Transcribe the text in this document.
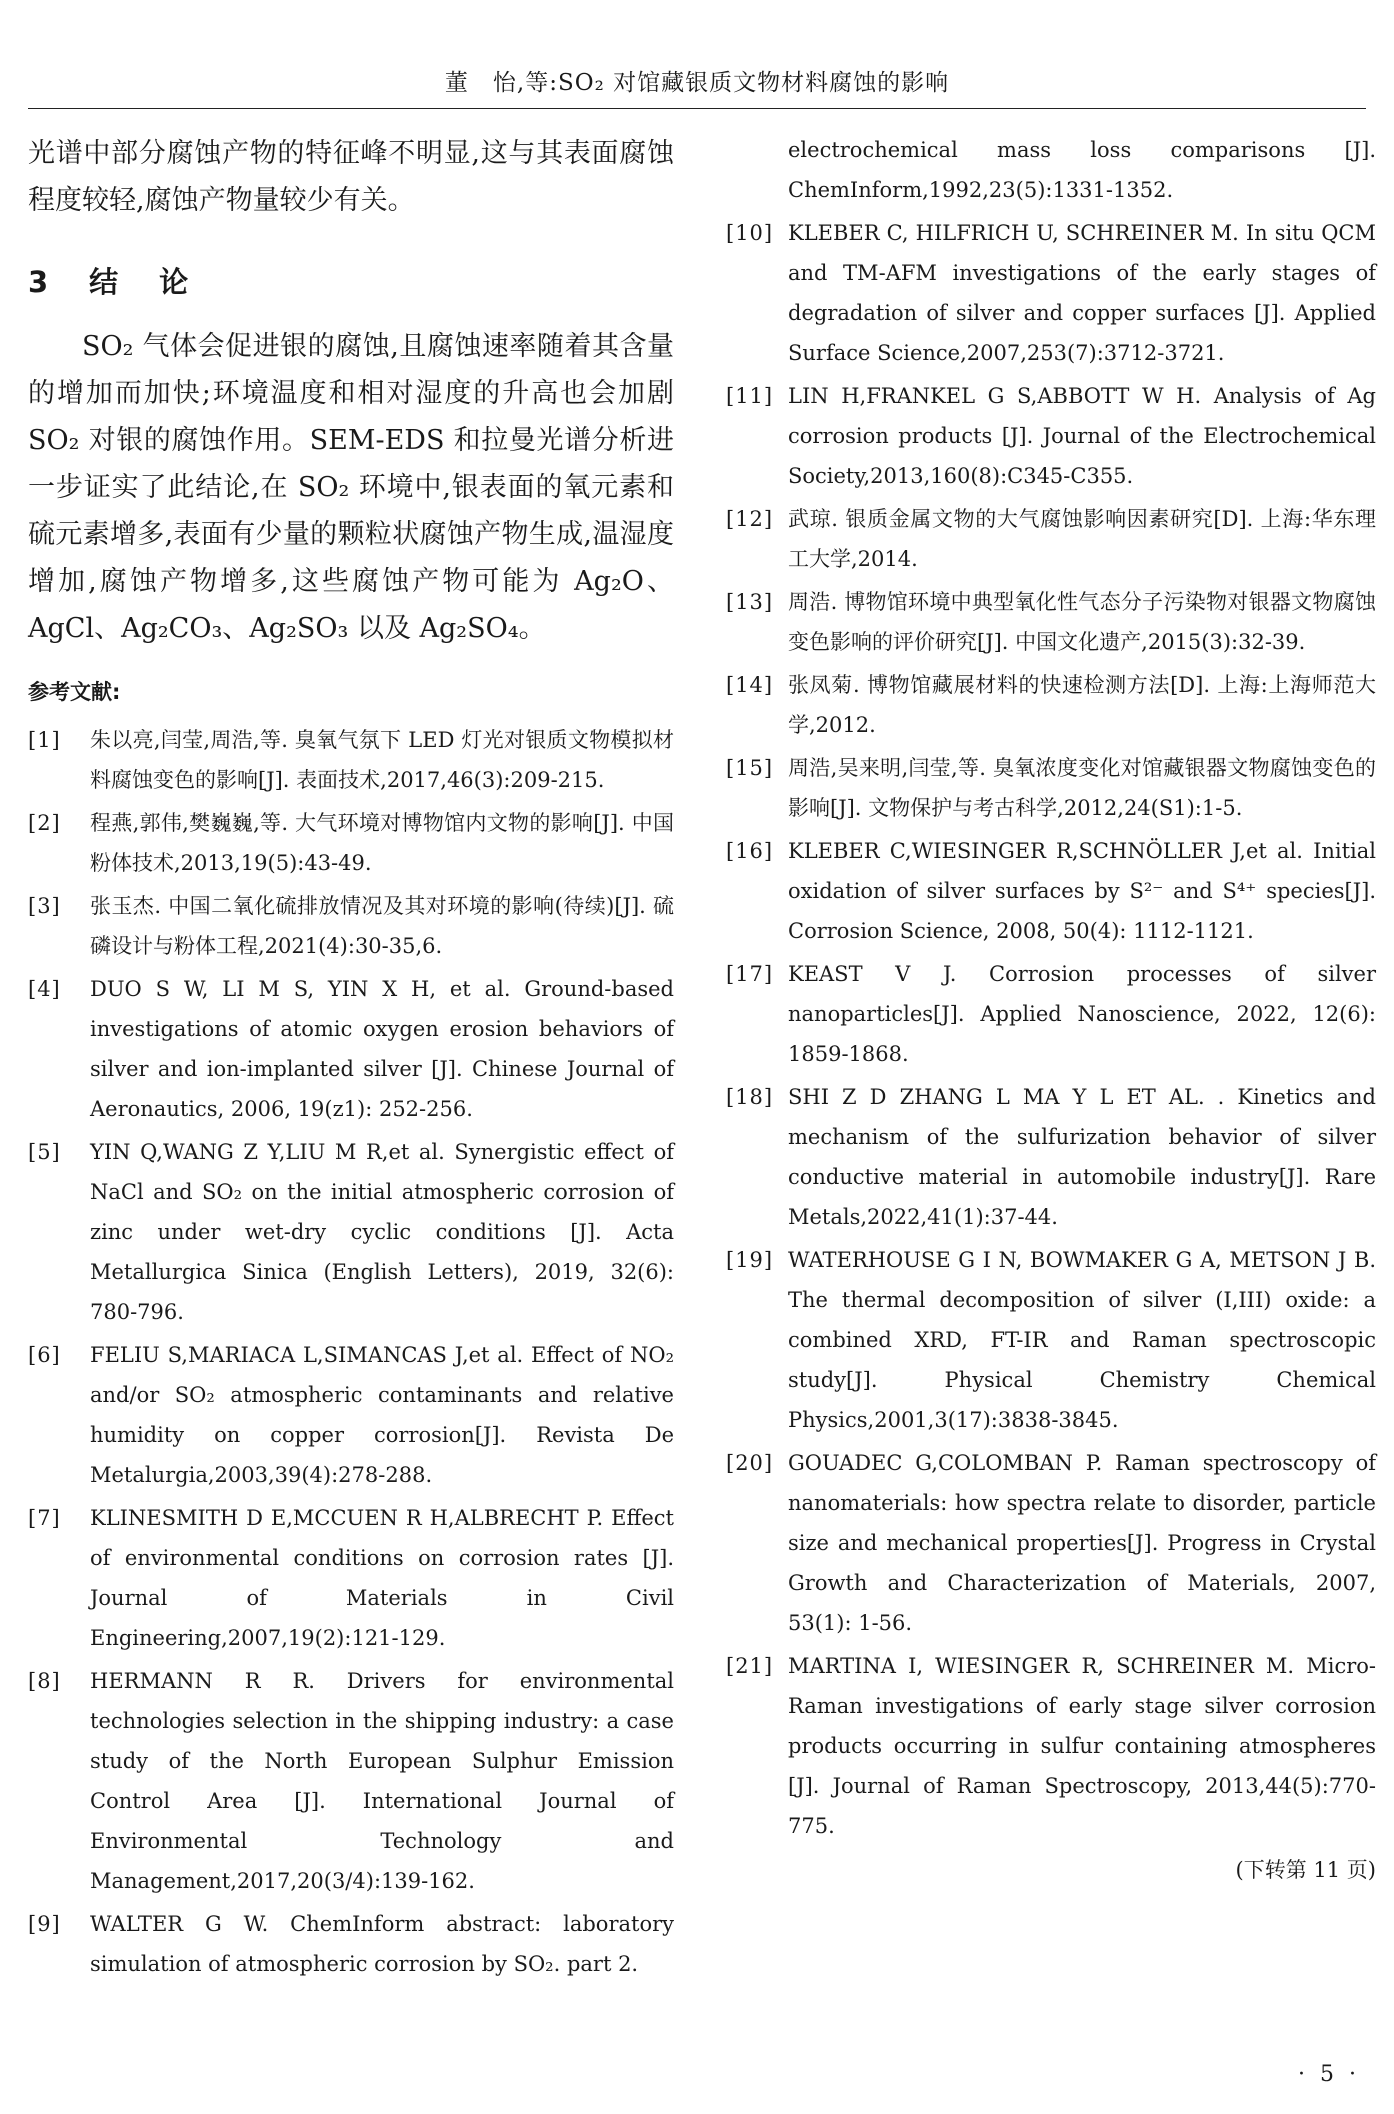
董　怡,等:SO₂ 对馆藏银质文物材料腐蚀的影响

光谱中部分腐蚀产物的特征峰不明显,这与其表面腐蚀程度较轻,腐蚀产物量较少有关。

3　结　论

SO₂ 气体会促进银的腐蚀,且腐蚀速率随着其含量的增加而加快;环境温度和相对湿度的升高也会加剧 SO₂ 对银的腐蚀作用。SEM-EDS 和拉曼光谱分析进一步证实了此结论,在 SO₂ 环境中,银表面的氧元素和硫元素增多,表面有少量的颗粒状腐蚀产物生成,温湿度增加,腐蚀产物增多,这些腐蚀产物可能为 Ag₂O、AgCl、Ag₂CO₃、Ag₂SO₃ 以及 Ag₂SO₄。

参考文献:
[1]	朱以亮,闫莹,周浩,等. 臭氧气氛下 LED 灯光对银质文物模拟材料腐蚀变色的影响[J]. 表面技术,2017,46(3):209-215.
[2]	程燕,郭伟,樊巍巍,等. 大气环境对博物馆内文物的影响[J]. 中国粉体技术,2013,19(5):43-49.
[3]	张玉杰. 中国二氧化硫排放情况及其对环境的影响(待续)[J]. 硫磷设计与粉体工程,2021(4):30-35,6.
[4]	DUO S W, LI M S, YIN X H, et al. Ground-based investigations of atomic oxygen erosion behaviors of silver and ion-implanted silver [J]. Chinese Journal of Aeronautics, 2006, 19(z1): 252-256.
[5]	YIN Q,WANG Z Y,LIU M R,et al. Synergistic effect of NaCl and SO₂ on the initial atmospheric corrosion of zinc under wet-dry cyclic conditions [J]. Acta Metallurgica Sinica (English Letters), 2019, 32(6): 780-796.
[6]	FELIU S,MARIACA L,SIMANCAS J,et al. Effect of NO₂ and/or SO₂ atmospheric contaminants and relative humidity on copper corrosion[J]. Revista De Metalurgia,2003,39(4):278-288.
[7]	KLINESMITH D E,MCCUEN R H,ALBRECHT P. Effect of environmental conditions on corrosion rates [J]. Journal of Materials in Civil Engineering,2007,19(2):121-129.
[8]	HERMANN R R. Drivers for environmental technologies selection in the shipping industry: a case study of the North European Sulphur Emission Control Area [J]. International Journal of Environmental Technology and Management,2017,20(3/4):139-162.
[9]	WALTER G W. ChemInform abstract: laboratory simulation of atmospheric corrosion by SO₂. part 2.
electrochemical mass loss comparisons [J]. ChemInform,1992,23(5):1331-1352.
[10] KLEBER C, HILFRICH U, SCHREINER M. In situ QCM and TM-AFM investigations of the early stages of degradation of silver and copper surfaces [J]. Applied Surface Science,2007,253(7):3712-3721.
[11] LIN H,FRANKEL G S,ABBOTT W H. Analysis of Ag corrosion products [J]. Journal of the Electrochemical Society,2013,160(8):C345-C355.
[12] 武琼. 银质金属文物的大气腐蚀影响因素研究[D]. 上海:华东理工大学,2014.
[13] 周浩. 博物馆环境中典型氧化性气态分子污染物对银器文物腐蚀变色影响的评价研究[J]. 中国文化遗产,2015(3):32-39.
[14] 张凤菊. 博物馆藏展材料的快速检测方法[D]. 上海:上海师范大学,2012.
[15] 周浩,吴来明,闫莹,等. 臭氧浓度变化对馆藏银器文物腐蚀变色的影响[J]. 文物保护与考古科学,2012,24(S1):1-5.
[16] KLEBER C,WIESINGER R,SCHNÖLLER J,et al. Initial oxidation of silver surfaces by S²⁻ and S⁴⁺ species[J]. Corrosion Science, 2008, 50(4): 1112-1121.
[17] KEAST V J. Corrosion processes of silver nanoparticles[J]. Applied Nanoscience, 2022, 12(6): 1859-1868.
[18] SHI Z D ZHANG L MA Y L ET AL. . Kinetics and mechanism of the sulfurization behavior of silver conductive material in automobile industry[J]. Rare Metals,2022,41(1):37-44.
[19] WATERHOUSE G I N, BOWMAKER G A, METSON J B. The thermal decomposition of silver (I,III) oxide: a combined XRD, FT-IR and Raman spectroscopic study[J]. Physical Chemistry Chemical Physics,2001,3(17):3838-3845.
[20] GOUADEC G,COLOMBAN P. Raman spectroscopy of nanomaterials: how spectra relate to disorder, particle size and mechanical properties[J]. Progress in Crystal Growth and Characterization of Materials, 2007, 53(1): 1-56.
[21] MARTINA I, WIESINGER R, SCHREINER M. Micro-Raman investigations of early stage silver corrosion products occurring in sulfur containing atmospheres [J]. Journal of Raman Spectroscopy, 2013,44(5):770-775.
(下转第 11 页)
· 5 ·
